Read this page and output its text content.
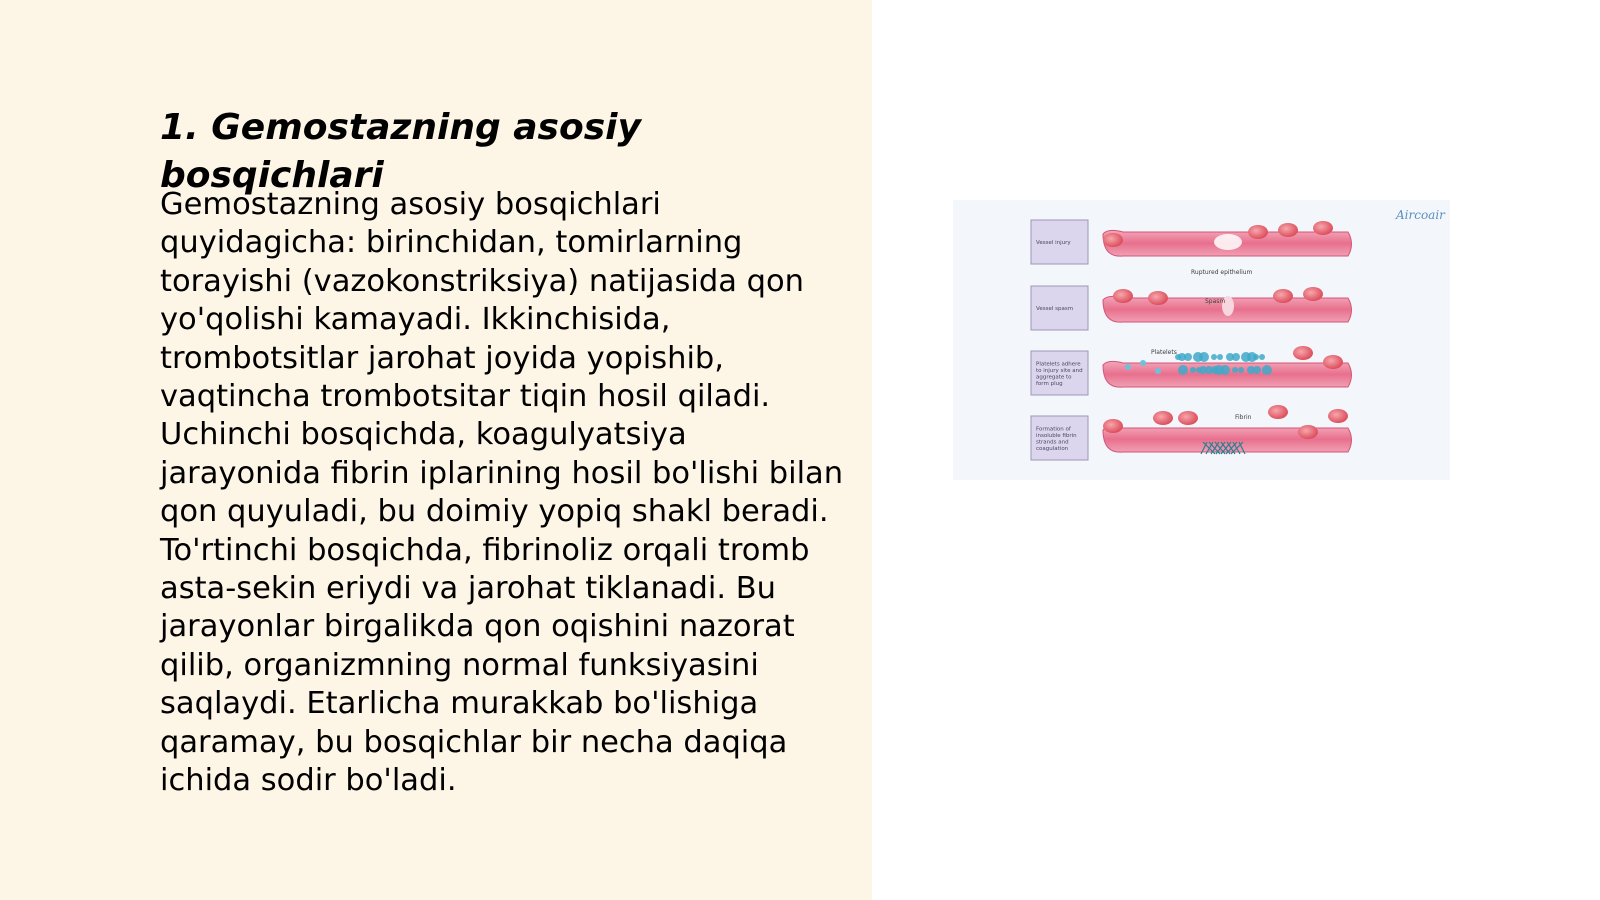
1. Gemostazning asosiy bosqichlari

Gemostazning asosiy bosqichlari quyidagicha: birinchidan, tomirlarning torayishi (vazokonstriksiya) natijasida qon yo'qolishi kamayadi. Ikkinchisida, trombotsitlar jarohat joyida yopishib, vaqtincha trombotsitar tiqin hosil qiladi. Uchinchi bosqichda, koagulyatsiya jarayonida fibrin iplarining hosil bo'lishi bilan qon quyuladi, bu doimiy yopiq shakl beradi. To'rtinchi bosqichda, fibrinoliz orqali tromb asta-sekin eriydi va jarohat tiklanadi. Bu jarayonlar birgalikda qon oqishini nazorat qilib, organizmning normal funksiyasini saqlaydi. Etarlicha murakkab bo'lishiga qaramay, bu bosqichlar bir necha daqiqa ichida sodir bo'ladi.

Aircoair
Vessel injury
Ruptured epithelium
Vessel spasm
Spasm
Platelets adhere
to injury site and
aggregate to
form plug
Platelets
Formation of
insoluble fibrin
strands and
coagulation
Fibrin
